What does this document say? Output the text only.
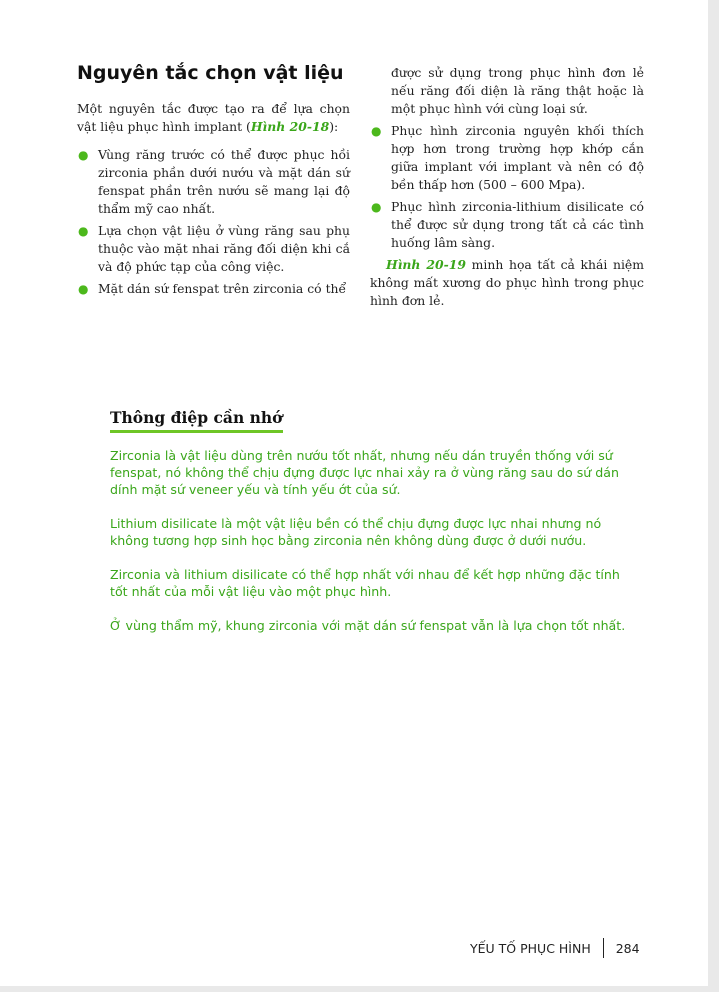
Nguyên tắc chọn vật liệu

Một nguyên tắc được tạo ra để lựa chọn vật liệu phục hình implant (Hình 20-18):

● Vùng răng trước có thể được phục hồi zirconia phần dưới nướu và mặt dán sứ fenspat phần trên nướu sẽ mang lại độ thẩm mỹ cao nhất.
● Lựa chọn vật liệu ở vùng răng sau phụ thuộc vào mặt nhai răng đối diện khi cắ và độ phức tạp của công việc.
● Mặt dán sứ fenspat trên zirconia có thể

được sử dụng trong phục hình đơn lẻ nếu răng đối diện là răng thật hoặc là một phục hình với cùng loại sứ.

● Phục hình zirconia nguyên khối thích hợp hơn trong trường hợp khớp cắn giữa implant với implant và nên có độ bền thấp hơn (500 – 600 Mpa).
● Phục hình zirconia-lithium disilicate có thể được sử dụng trong tất cả các tình huống lâm sàng.

Hình 20-19 minh họa tất cả khái niệm không mất xương do phục hình trong phục hình đơn lẻ.

Thông điệp cần nhớ

Zirconia là vật liệu dùng trên nướu tốt nhất, nhưng nếu dán truyền thống với sứ fenspat, nó không thể chịu đựng được lực nhai xảy ra ở vùng răng sau do sứ dán dính mặt sứ veneer yếu và tính yếu ớt của sứ.

Lithium disilicate là một vật liệu bền có thể chịu đựng được lực nhai nhưng nó không tương hợp sinh học bằng zirconia nên không dùng được ở dưới nướu.

Zirconia và lithium disilicate có thể hợp nhất với nhau để kết hợp những đặc tính tốt nhất của mỗi vật liệu vào một phục hình.

Ở vùng thẩm mỹ, khung zirconia với mặt dán sứ fenspat vẫn là lựa chọn tốt nhất.

YẾU TỐ PHỤC HÌNH 284
